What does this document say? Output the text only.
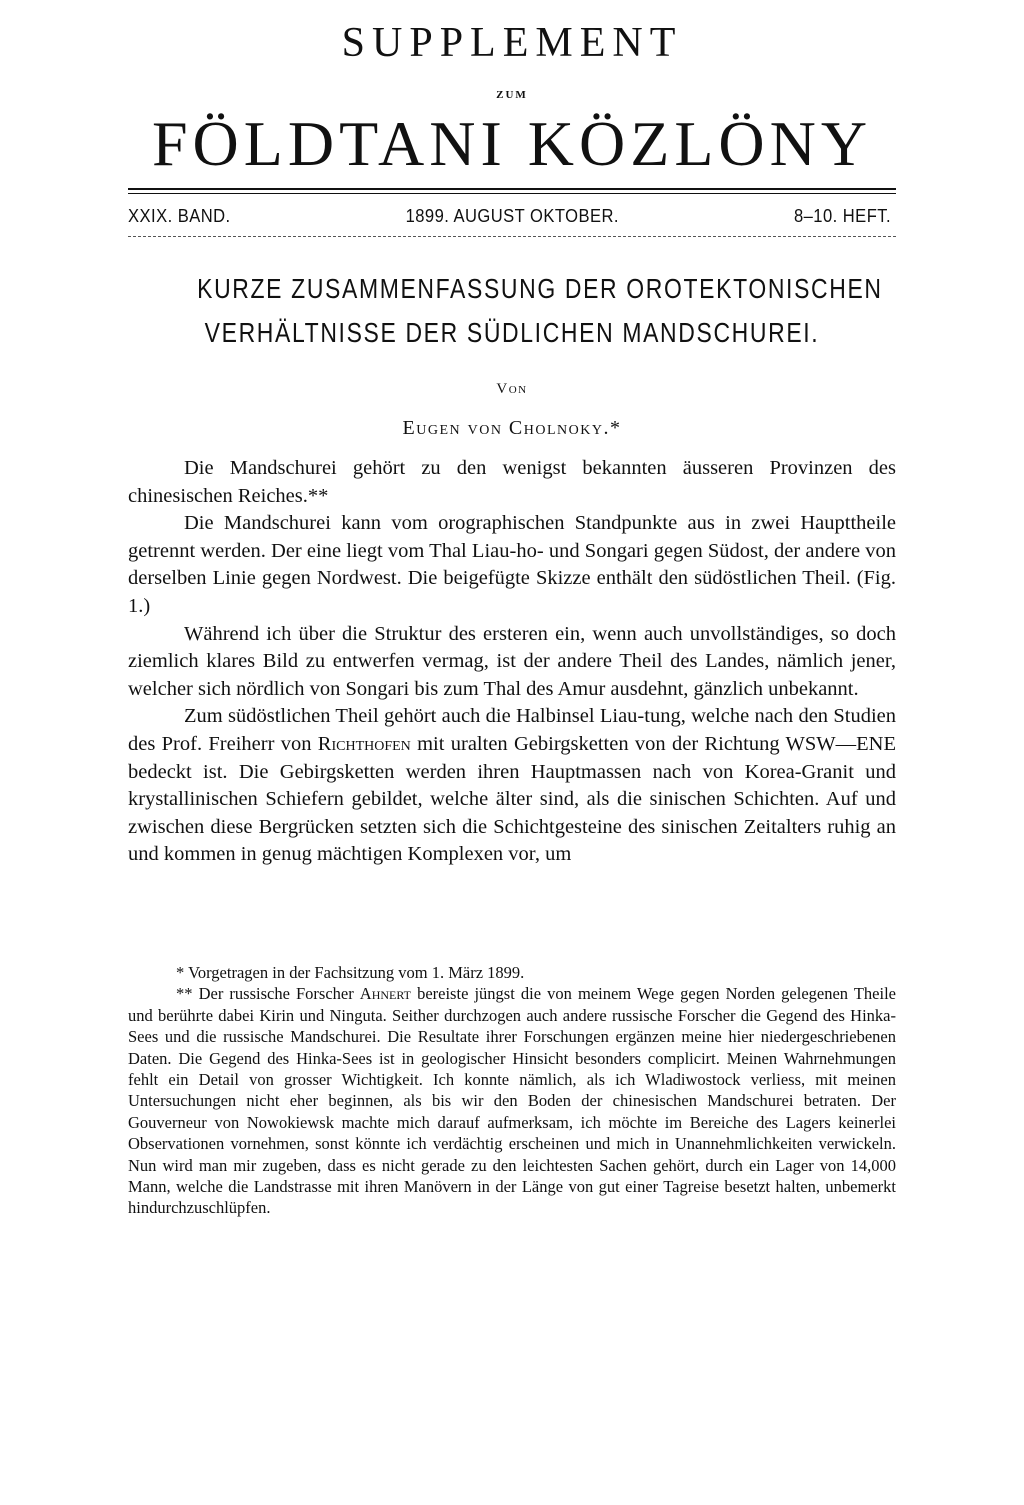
SUPPLEMENT
ZUM
FÖLDTANI KÖZLÖNY
XXIX. BAND.	1899. AUGUST OKTOBER.	8–10. HEFT.
KURZE ZUSAMMENFASSUNG DER OROTEKTONISCHEN
VERHÄLTNISSE DER SÜDLICHEN MANDSCHUREI.
Von
Eugen von Cholnoky.*

Die Mandschurei gehört zu den wenigst bekannten äusseren Provinzen des chinesischen Reiches.**

Die Mandschurei kann vom orographischen Standpunkte aus in zwei Haupttheile getrennt werden. Der eine liegt vom Thal Liau-ho- und Songari gegen Südost, der andere von derselben Linie gegen Nordwest. Die beigefügte Skizze enthält den südöstlichen Theil. (Fig. 1.)

Während ich über die Struktur des ersteren ein, wenn auch unvollständiges, so doch ziemlich klares Bild zu entwerfen vermag, ist der andere Theil des Landes, nämlich jener, welcher sich nördlich von Songari bis zum Thal des Amur ausdehnt, gänzlich unbekannt.

Zum südöstlichen Theil gehört auch die Halbinsel Liau-tung, welche nach den Studien des Prof. Freiherr von Richthofen mit uralten Gebirgsketten von der Richtung WSW—ENE bedeckt ist. Die Gebirgsketten werden ihren Hauptmassen nach von Korea-Granit und krystallinischen Schiefern gebildet, welche älter sind, als die sinischen Schichten. Auf und zwischen diese Bergrücken setzten sich die Schichtgesteine des sinischen Zeitalters ruhig an und kommen in genug mächtigen Komplexen vor, um

* Vorgetragen in der Fachsitzung vom 1. März 1899.

** Der russische Forscher Ahnert bereiste jüngst die von meinem Wege gegen Norden gelegenen Theile und berührte dabei Kirin und Ninguta. Seither durchzogen auch andere russische Forscher die Gegend des Hinka-Sees und die russische Mandschurei. Die Resultate ihrer Forschungen ergänzen meine hier niedergeschriebenen Daten. Die Gegend des Hinka-Sees ist in geologischer Hinsicht besonders complicirt. Meinen Wahrnehmungen fehlt ein Detail von grosser Wichtigkeit. Ich konnte nämlich, als ich Wladiwostock verliess, mit meinen Untersuchungen nicht eher beginnen, als bis wir den Boden der chinesischen Mandschurei betraten. Der Gouverneur von Nowokiewsk machte mich darauf aufmerksam, ich möchte im Bereiche des Lagers keinerlei Observationen vornehmen, sonst könnte ich verdächtig erscheinen und mich in Unannehmlichkeiten verwickeln. Nun wird man mir zugeben, dass es nicht gerade zu den leichtesten Sachen gehört, durch ein Lager von 14,000 Mann, welche die Landstrasse mit ihren Manövern in der Länge von gut einer Tagreise besetzt halten, unbemerkt hindurchzuschlüpfen.
